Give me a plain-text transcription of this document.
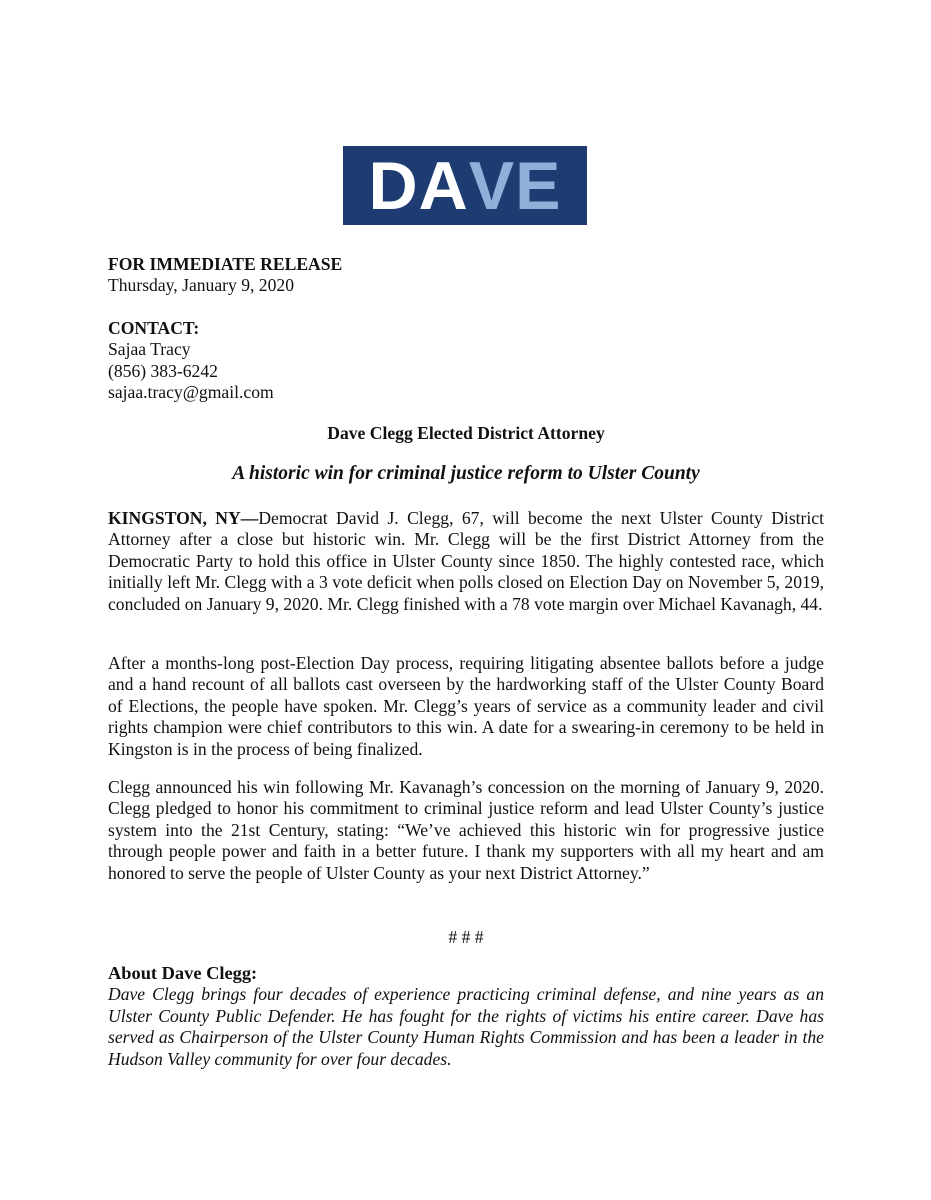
DA VE
FOR IMMEDIATE RELEASE
Thursday, January 9, 2020
CONTACT:
Sajaa Tracy
(856) 383-6242
sajaa.tracy@gmail.com
Dave Clegg Elected District Attorney
A historic win for criminal justice reform to Ulster County
KINGSTON, NY—Democrat David J. Clegg, 67, will become the next Ulster County District Attorney after a close but historic win. Mr. Clegg will be the first District Attorney from the Democratic Party to hold this office in Ulster County since 1850. The highly contested race, which initially left Mr. Clegg with a 3 vote deficit when polls closed on Election Day on November 5, 2019, concluded on January 9, 2020. Mr. Clegg finished with a 78 vote margin over Michael Kavanagh, 44.
After a months-long post-Election Day process, requiring litigating absentee ballots before a judge and a hand recount of all ballots cast overseen by the hardworking staff of the Ulster County Board of Elections, the people have spoken. Mr. Clegg’s years of service as a community leader and civil rights champion were chief contributors to this win. A date for a swearing-in ceremony to be held in Kingston is in the process of being finalized.
Clegg announced his win following Mr. Kavanagh’s concession on the morning of January 9, 2020. Clegg pledged to honor his commitment to criminal justice reform and lead Ulster County’s justice system into the 21st Century, stating: “We’ve achieved this historic win for progressive justice through people power and faith in a better future. I thank my supporters with all my heart and am honored to serve the people of Ulster County as your next District Attorney.”
# # #
About Dave Clegg:
Dave Clegg brings four decades of experience practicing criminal defense, and nine years as an Ulster County Public Defender. He has fought for the rights of victims his entire career. Dave has served as Chairperson of the Ulster County Human Rights Commission and has been a leader in the Hudson Valley community for over four decades.
